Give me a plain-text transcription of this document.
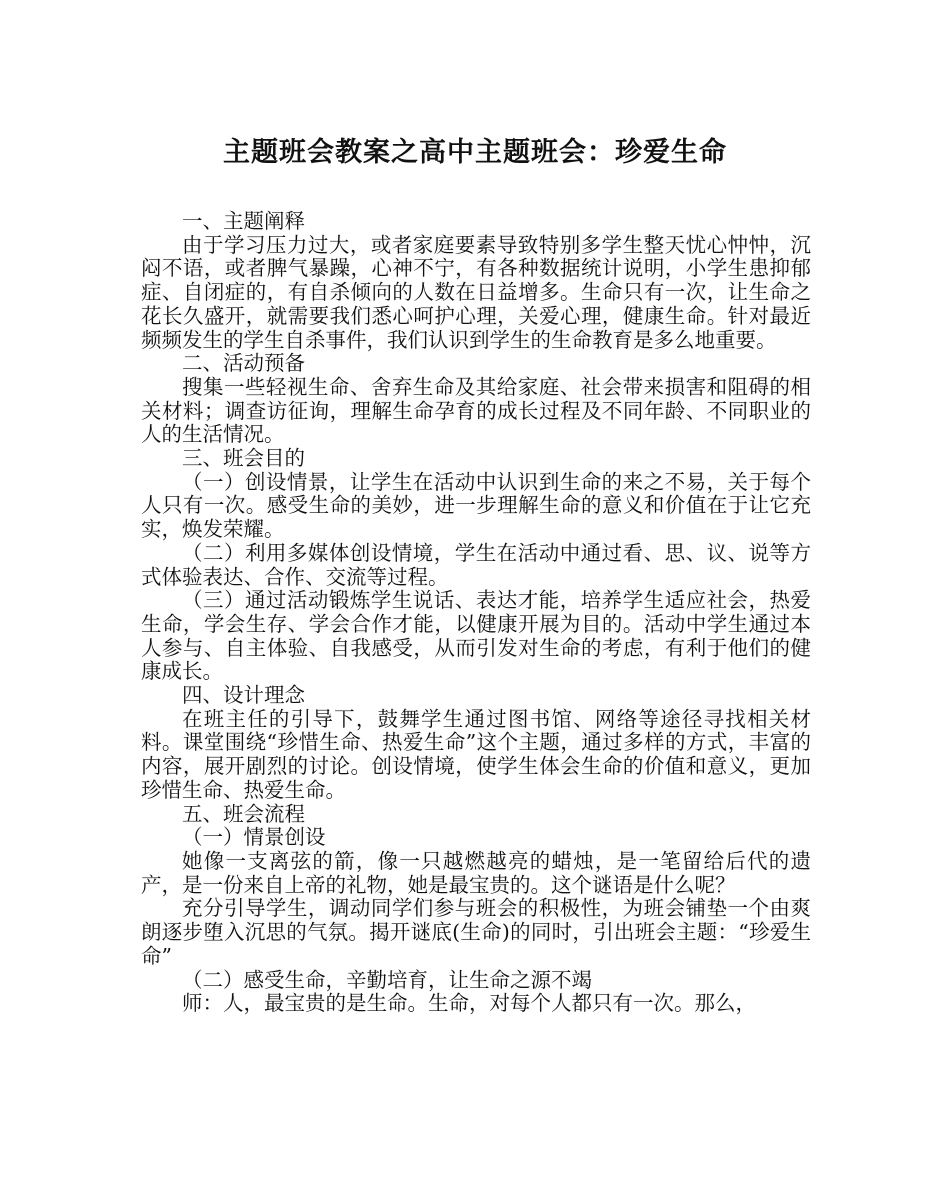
主题班会教案之高中主题班会：珍爱生命

一、主题阐释

由于学习压力过大，或者家庭要素导致特别多学生整天忧心忡忡，沉闷不语，或者脾气暴躁，心神不宁，有各种数据统计说明，小学生患抑郁症、自闭症的，有自杀倾向的人数在日益增多。生命只有一次，让生命之花长久盛开，就需要我们悉心呵护心理，关爱心理，健康生命。针对最近频频发生的学生自杀事件，我们认识到学生的生命教育是多么地重要。

二、活动预备

搜集一些轻视生命、舍弃生命及其给家庭、社会带来损害和阻碍的相关材料；调查访征询，理解生命孕育的成长过程及不同年龄、不同职业的人的生活情况。

三、班会目的

（一）创设情景，让学生在活动中认识到生命的来之不易，关于每个人只有一次。感受生命的美妙，进一步理解生命的意义和价值在于让它充实，焕发荣耀。

（二）利用多媒体创设情境，学生在活动中通过看、思、议、说等方式体验表达、合作、交流等过程。

（三）通过活动锻炼学生说话、表达才能，培养学生适应社会，热爱生命，学会生存、学会合作才能，以健康开展为目的。活动中学生通过本人参与、自主体验、自我感受，从而引发对生命的考虑，有利于他们的健康成长。

四、设计理念

在班主任的引导下，鼓舞学生通过图书馆、网络等途径寻找相关材料。课堂围绕“珍惜生命、热爱生命”这个主题，通过多样的方式，丰富的内容，展开剧烈的讨论。创设情境，使学生体会生命的价值和意义，更加珍惜生命、热爱生命。

五、班会流程

（一）情景创设

她像一支离弦的箭，像一只越燃越亮的蜡烛，是一笔留给后代的遗产，是一份来自上帝的礼物，她是最宝贵的。这个谜语是什么呢？

充分引导学生，调动同学们参与班会的积极性，为班会铺垫一个由爽朗逐步堕入沉思的气氛。揭开谜底(生命)的同时，引出班会主题：“珍爱生命”

（二）感受生命，辛勤培育，让生命之源不竭

师：人，最宝贵的是生命。生命，对每个人都只有一次。那么，
